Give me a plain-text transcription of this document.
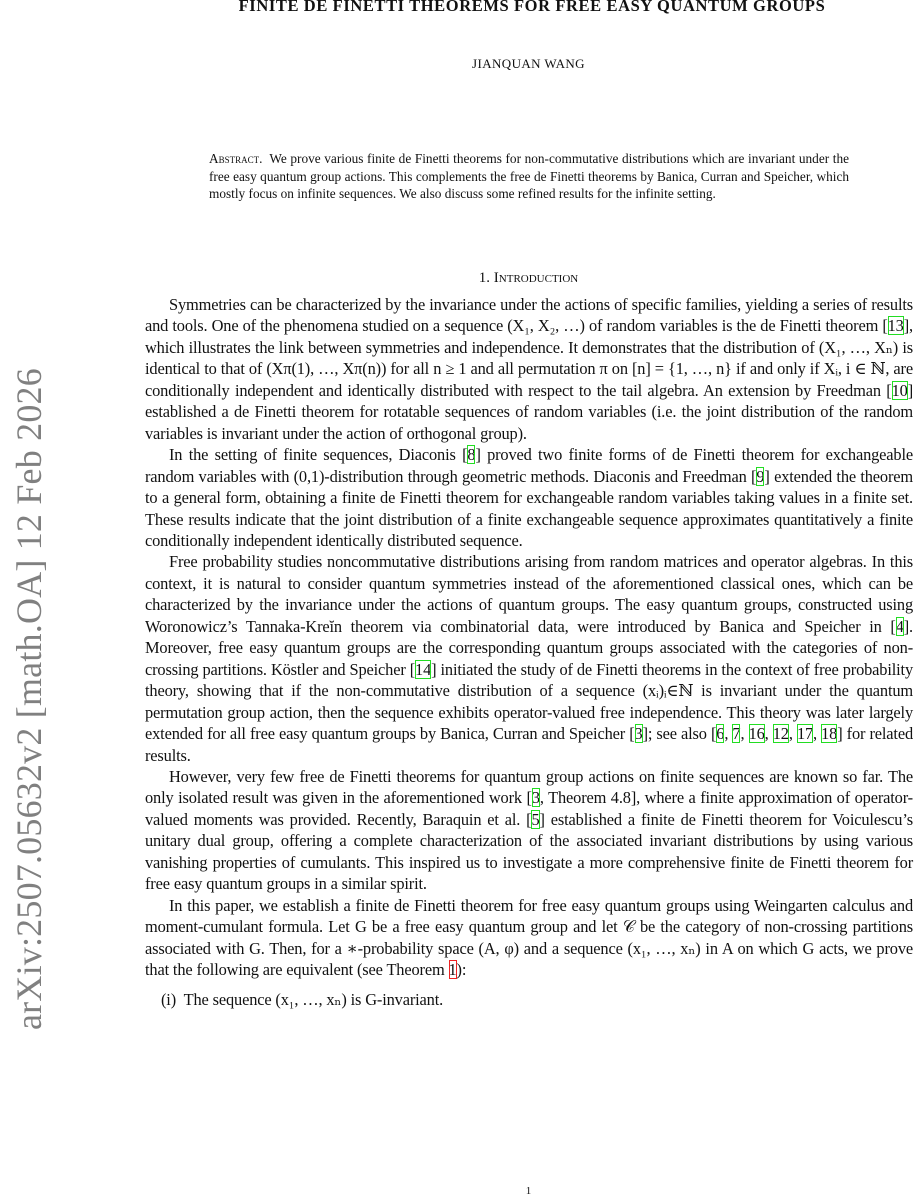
arXiv:2507.05632v2 [math.OA] 12 Feb 2026
FINITE DE FINETTI THEOREMS FOR FREE EASY QUANTUM GROUPS
JIANQUAN WANG
Abstract. We prove various finite de Finetti theorems for non-commutative distributions which are invariant under the free easy quantum group actions. This complements the free de Finetti theorems by Banica, Curran and Speicher, which mostly focus on infinite sequences. We also discuss some refined results for the infinite setting.
1. Introduction

Symmetries can be characterized by the invariance under the actions of specific families, yielding a series of results and tools. One of the phenomena studied on a sequence (X₁, X₂, …) of random variables is the de Finetti theorem [13], which illustrates the link between symmetries and independence. It demonstrates that the distribution of (X₁, …, Xₙ) is identical to that of (Xπ(1), …, Xπ(n)) for all n ≥ 1 and all permutation π on [n] = {1, …, n} if and only if Xᵢ, i ∈ ℕ, are conditionally independent and identically distributed with respect to the tail algebra. An extension by Freedman [10] established a de Finetti theorem for rotatable sequences of random variables (i.e. the joint distribution of the random variables is invariant under the action of orthogonal group).

In the setting of finite sequences, Diaconis [8] proved two finite forms of de Finetti theorem for exchangeable random variables with (0,1)-distribution through geometric methods. Diaconis and Freedman [9] extended the theorem to a general form, obtaining a finite de Finetti theorem for exchangeable random variables taking values in a finite set. These results indicate that the joint distribution of a finite exchangeable sequence approximates quantitatively a finite conditionally independent identically distributed sequence.

Free probability studies noncommutative distributions arising from random matrices and operator algebras. In this context, it is natural to consider quantum symmetries instead of the aforementioned classical ones, which can be characterized by the invariance under the actions of quantum groups. The easy quantum groups, constructed using Woronowicz’s Tannaka-Kreĭn theorem via combinatorial data, were introduced by Banica and Speicher in [4]. Moreover, free easy quantum groups are the corresponding quantum groups associated with the categories of non-crossing partitions. Köstler and Speicher [14] initiated the study of de Finetti theorems in the context of free probability theory, showing that if the non-commutative distribution of a sequence (xᵢ)ᵢ∈ℕ is invariant under the quantum permutation group action, then the sequence exhibits operator-valued free independence. This theory was later largely extended for all free easy quantum groups by Banica, Curran and Speicher [3]; see also [6, 7, 16, 12, 17, 18] for related results.

However, very few free de Finetti theorems for quantum group actions on finite sequences are known so far. The only isolated result was given in the aforementioned work [3, Theorem 4.8], where a finite approximation of operator-valued moments was provided. Recently, Baraquin et al. [5] established a finite de Finetti theorem for Voiculescu’s unitary dual group, offering a complete characterization of the associated invariant distributions by using various vanishing properties of cumulants. This inspired us to investigate a more comprehensive finite de Finetti theorem for free easy quantum groups in a similar spirit.

In this paper, we establish a finite de Finetti theorem for free easy quantum groups using Weingarten calculus and moment-cumulant formula. Let G be a free easy quantum group and let 𝒞 be the category of non-crossing partitions associated with G. Then, for a ∗-probability space (A, φ) and a sequence (x₁, …, xₙ) in A on which G acts, we prove that the following are equivalent (see Theorem 1):

(i) The sequence (x₁, …, xₙ) is G-invariant.
1
